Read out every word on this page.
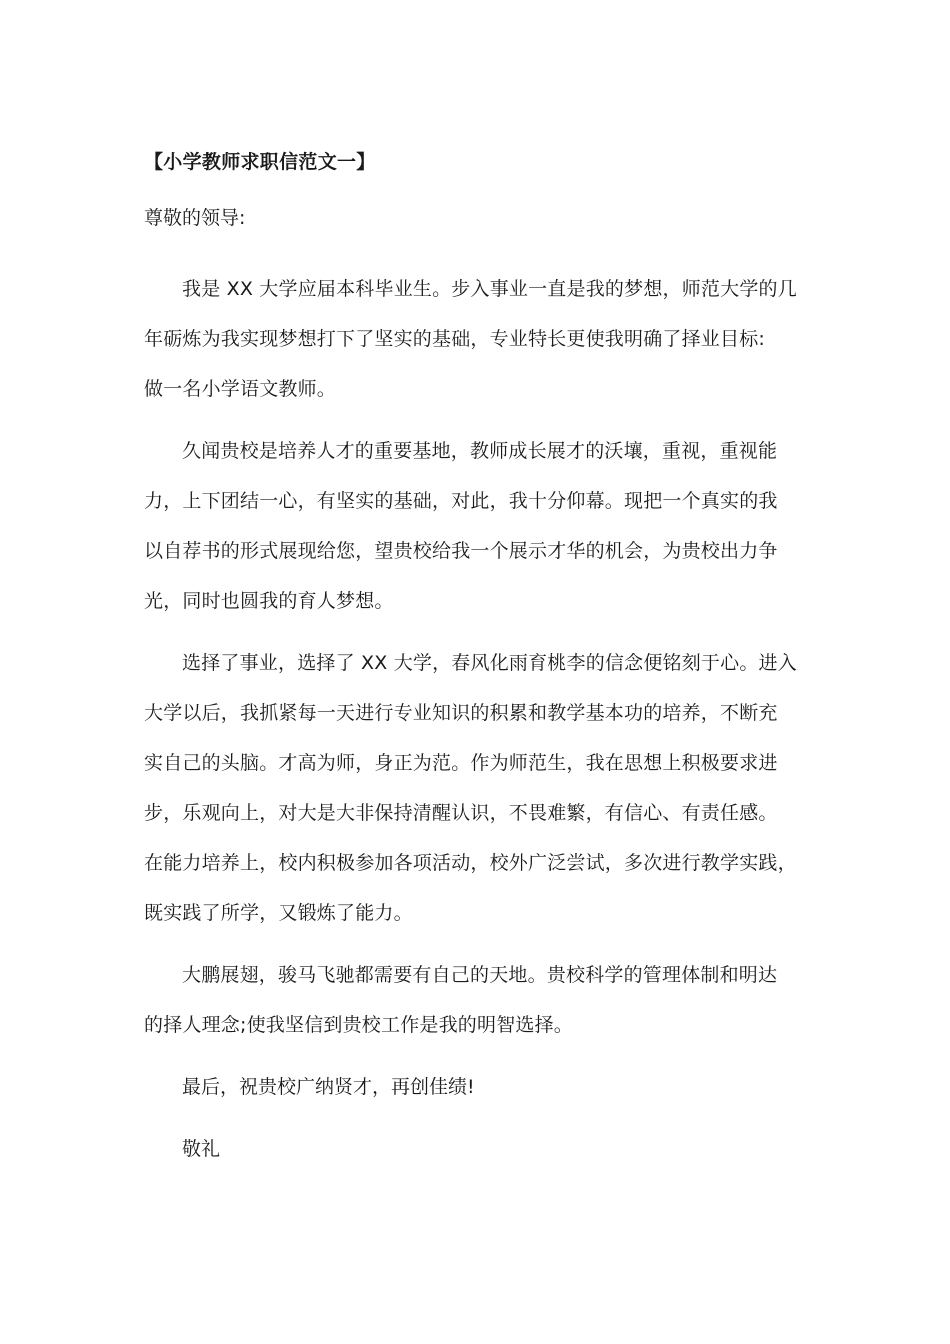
【小学教师求职信范文一】
尊敬的领导:
我是 XX 大学应届本科毕业生。步入事业一直是我的梦想，师范大学的几
年砺炼为我实现梦想打下了坚实的基础，专业特长更使我明确了择业目标:
做一名小学语文教师。
久闻贵校是培养人才的重要基地，教师成长展才的沃壤，重视，重视能
力，上下团结一心，有坚实的基础，对此，我十分仰幕。现把一个真实的我
以自荐书的形式展现给您，望贵校给我一个展示才华的机会，为贵校出力争
光，同时也圆我的育人梦想。
选择了事业，选择了 XX 大学，春风化雨育桃李的信念便铭刻于心。进入
大学以后，我抓紧每一天进行专业知识的积累和教学基本功的培养，不断充
实自己的头脑。才高为师，身正为范。作为师范生，我在思想上积极要求进
步，乐观向上，对大是大非保持清醒认识，不畏难繁，有信心、有责任感。
在能力培养上，校内积极参加各项活动，校外广泛尝试，多次进行教学实践，
既实践了所学，又锻炼了能力。
大鹏展翅，骏马飞驰都需要有自己的天地。贵校科学的管理体制和明达
的择人理念;使我坚信到贵校工作是我的明智选择。
最后，祝贵校广纳贤才，再创佳绩!
敬礼
